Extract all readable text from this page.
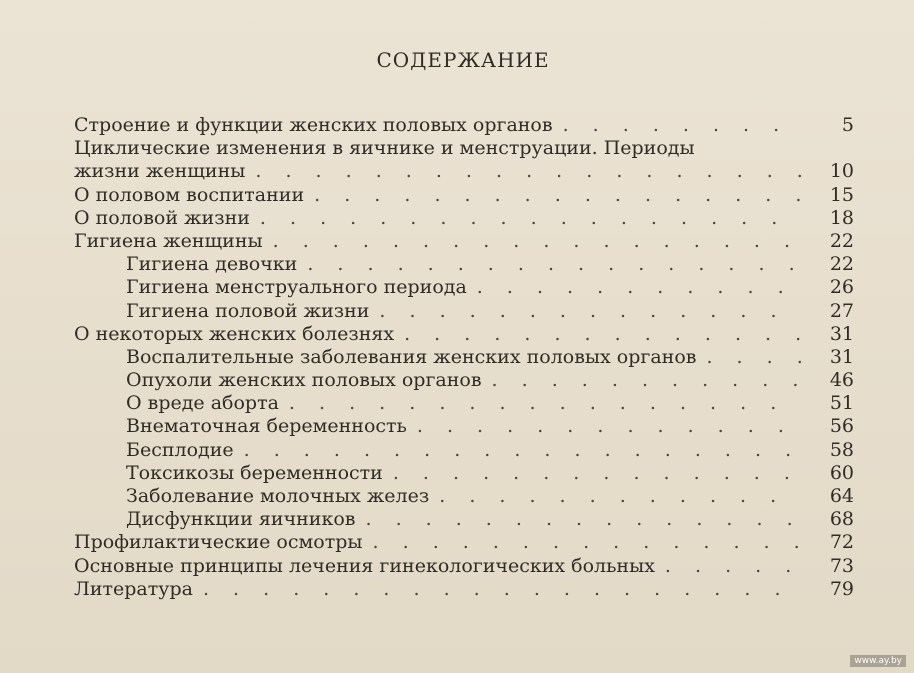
СОДЕРЖАНИЕ
Строение и функции женских половых органов . . .	5
Циклические изменения в яичнике и менструации. Периоды
жизни женщины . . .	10
О половом воспитании . . .	15
О половой жизни . . .	18
Гигиена женщины . . .	22
Гигиена девочки . . .	22
Гигиена менструального периода . . .	26
Гигиена половой жизни . . .	27
О некоторых женских болезнях . . .	31
Воспалительные заболевания женских половых органов . . .	31
Опухоли женских половых органов . . .	46
О вреде аборта . . .	51
Внематочная беременность . . .	56
Бесплодие . . .	58
Токсикозы беременности . . .	60
Заболевание молочных желез . . .	64
Дисфункции яичников . . .	68
Профилактические осмотры . . .	72
Основные принципы лечения гинекологических больных . . .	73
Литература . . .	79
www.ay.by
